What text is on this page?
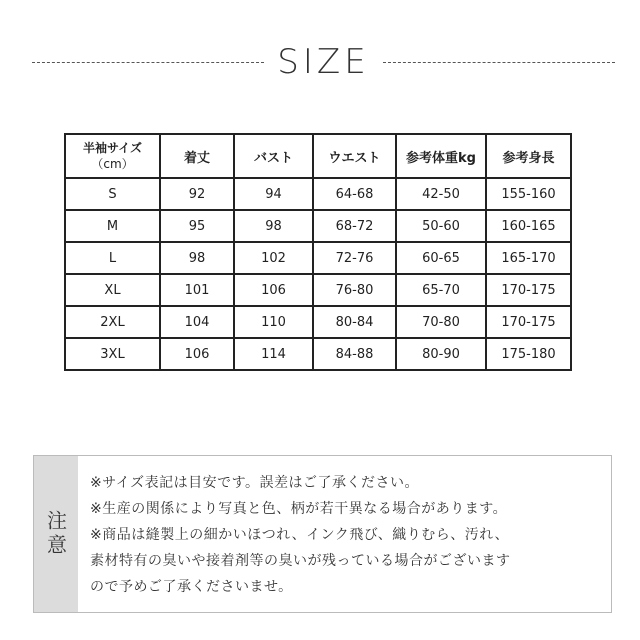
SIZE
半袖サイズ
（cm）	着丈	バスト	ウエスト	参考体重kg	参考身長
S	92	94	64-68	42-50	155-160
M	95	98	68-72	50-60	160-165
L	98	102	72-76	60-65	165-170
XL	101	106	76-80	65-70	170-175
2XL	104	110	80-84	70-80	170-175
3XL	106	114	84-88	80-90	175-180
注意
※サイズ表記は目安です。誤差はご了承ください。
※生産の関係により写真と色、柄が若干異なる場合があります。
※商品は縫製上の細かいほつれ、インク飛び、織りむら、汚れ、
素材特有の臭いや接着剤等の臭いが残っている場合がございます
ので予めご了承くださいませ。
